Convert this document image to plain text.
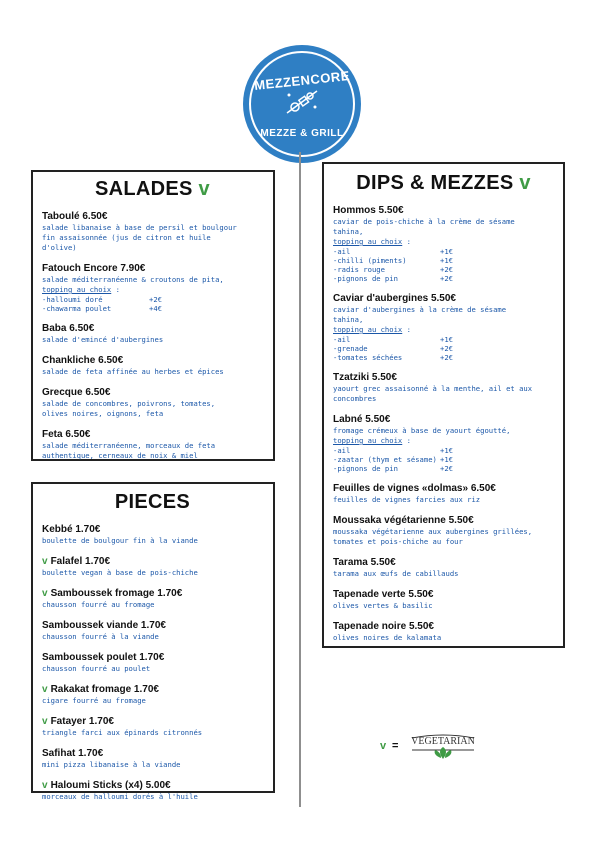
MEZZENCORE
MEZZE & GRILL
SALADES v
Taboulé 6.50€
salade libanaise à base de persil et boulgour
fin assaisonnée (jus de citron et huile
d'olive)
Fatouch Encore 7.90€
salade méditerranéenne & croutons de pita,
topping au choix :
-halloumi doré	+2€
-chawarma poulet	+4€
Baba 6.50€
salade d'emincé d'aubergines
Chankliche 6.50€
salade de feta affinée au herbes et épices
Grecque 6.50€
salade de concombres, poivrons, tomates,
olives noires, oignons, feta
Feta 6.50€
salade méditerranéenne, morceaux de feta
authentique, cerneaux de noix & miel
PIECES
Kebbé 1.70€
boulette de boulgour fin à la viande
v Falafel 1.70€
boulette vegan à base de pois-chiche
v Samboussek fromage 1.70€
chausson fourré au fromage
Samboussek viande 1.70€
chausson fourré à la viande
Samboussek poulet 1.70€
chausson fourré au poulet
v Rakakat fromage 1.70€
cigare fourré au fromage
v Fatayer 1.70€
triangle farci aux épinards citronnés
Safihat 1.70€
mini pizza libanaise à la viande
v Haloumi Sticks (x4) 5.00€
morceaux de halloumi dorés à l'huile
DIPS & MEZZES v
Hommos 5.50€
caviar de pois-chiche à la crème de sésame
tahina,
topping au choix :
-ail	+1€
-chilli (piments)	+1€
-radis rouge	+2€
-pignons de pin	+2€
Caviar d'aubergines 5.50€
caviar d'aubergines à la crème de sésame
tahina,
topping au choix :
-ail	+1€
-grenade	+2€
-tomates séchées	+2€
Tzatziki 5.50€
yaourt grec assaisonné à la menthe, ail et aux
concombres
Labné 5.50€
fromage crémeux à base de yaourt égoutté,
topping au choix :
-ail	+1€
-zaatar (thym et sésame) +1€
-pignons de pin	+2€
Feuilles de vignes «dolmas» 6.50€
feuilles de vignes farcies aux riz
Moussaka végétarienne 5.50€
moussaka végétarienne aux aubergines grillées,
tomates et pois-chiche au four
Tarama 5.50€
tarama aux œufs de cabillauds
Tapenade verte 5.50€
olives vertes & basilic
Tapenade noire 5.50€
olives noires de kalamata
v =	VEGETARIAN
